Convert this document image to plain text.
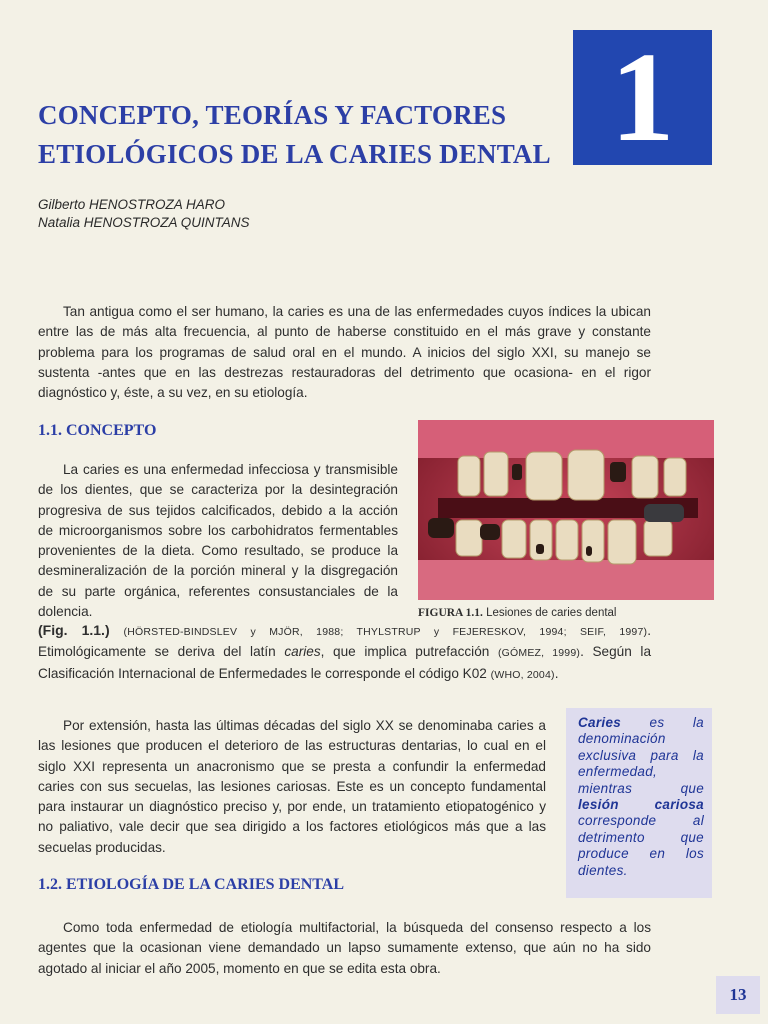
CONCEPTO, TEORÍAS Y FACTORES
ETIOLÓGICOS DE LA CARIES DENTAL 1
Gilberto HENOSTROZA HARO
Natalia HENOSTROZA QUINTANS

Tan antigua como el ser humano, la caries es una de las enfermedades cuyos índices la ubican entre las de más alta frecuencia, al punto de haberse constituido en el más grave y constante problema para los programas de salud oral en el mundo. A inicios del siglo XXI, su manejo se sustenta -antes que en las destrezas restauradoras del detrimento que ocasiona- en el rigor diagnóstico y, éste, a su vez, en su etiología.

1.1. CONCEPTO

La caries es una enfermedad infecciosa y transmisible de los dientes, que se caracteriza por la desintegración progresiva de sus tejidos calcificados, debido a la acción de microorganismos sobre los carbohidratos fermentables provenientes de la dieta. Como resultado, se produce la desmineralización de la porción mineral y la disgregación de su parte orgánica, referentes consustanciales de la dolencia.

(Fig. 1.1.) (HÖRSTED-BINDSLEV y MJÖR, 1988; THYLSTRUP y FEJERESKOV, 1994; SEIF, 1997). Etimológicamente se deriva del latín caries, que implica putrefacción (GÓMEZ, 1999). Según la Clasificación Internacional de Enfermedades le corresponde el código K02 (WHO, 2004).

FIGURA 1.1. Lesiones de caries dental

Por extensión, hasta las últimas décadas del siglo XX se denominaba caries a las lesiones que producen el deterioro de las estructuras dentarias, lo cual en el siglo XXI representa un anacronismo que se presta a confundir la enfermedad caries con sus secuelas, las lesiones cariosas. Este es un concepto fundamental para instaurar un diagnóstico preciso y, por ende, un tratamiento etiopatogénico y no paliativo, vale decir que sea dirigido a los factores etiológicos más que a las secuelas producidas.

Caries es la denominación exclusiva para la enfermedad, mientras que lesión cariosa corresponde al detrimento que produce en los dientes.
1.2. ETIOLOGÍA DE LA CARIES DENTAL

Como toda enfermedad de etiología multifactorial, la búsqueda del consenso respecto a los agentes que la ocasionan viene demandado un lapso sumamente extenso, que aún no ha sido agotado al iniciar el año 2005, momento en que se edita esta obra.

13
